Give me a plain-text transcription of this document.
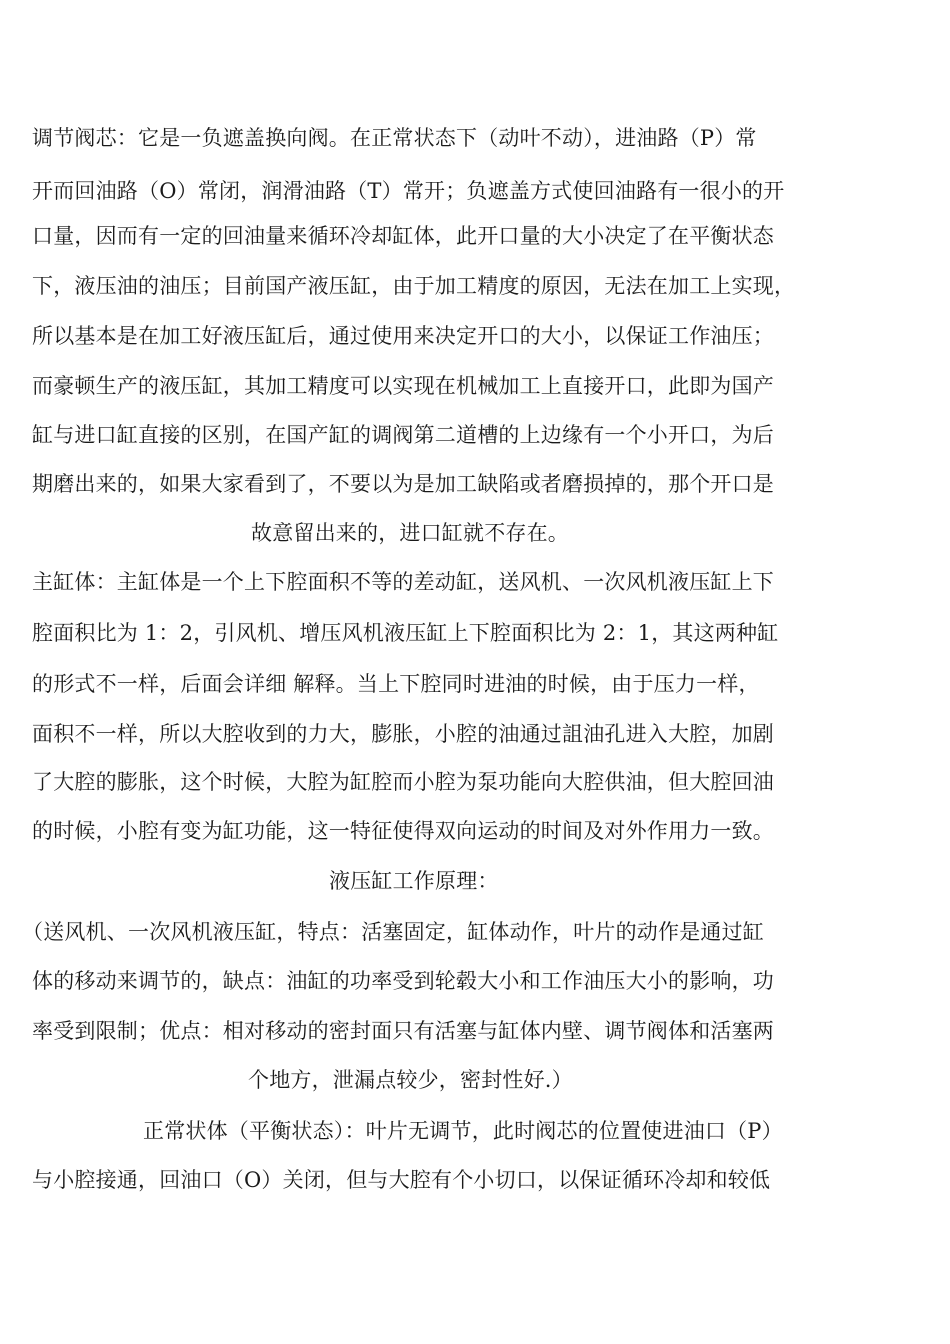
调节阀芯：它是一负遮盖换向阀。在正常状态下（动叶不动），进油路（P）常
开而回油路（O）常闭，润滑油路（T）常开；负遮盖方式使回油路有一很小的开
口量，因而有一定的回油量来循环冷却缸体，此开口量的大小决定了在平衡状态
下，液压油的油压；目前国产液压缸，由于加工精度的原因，无法在加工上实现，
所以基本是在加工好液压缸后，通过使用来决定开口的大小，以保证工作油压；
而豪顿生产的液压缸，其加工精度可以实现在机械加工上直接开口，此即为国产
缸与进口缸直接的区别，在国产缸的调阀第二道槽的上边缘有一个小开口，为后
期磨出来的，如果大家看到了，不要以为是加工缺陷或者磨损掉的，那个开口是
故意留出来的，进口缸就不存在。
主缸体：主缸体是一个上下腔面积不等的差动缸，送风机、一次风机液压缸上下
腔面积比为 1：2，引风机、增压风机液压缸上下腔面积比为 2：1，其这两种缸
的形式不一样，后面会详细 解释。当上下腔同时进油的时候，由于压力一样，
面积不一样，所以大腔收到的力大，膨胀，小腔的油通过詛油孔进入大腔，加剧
了大腔的膨胀，这个时候，大腔为缸腔而小腔为泵功能向大腔供油，但大腔回油
的时候，小腔有变为缸功能，这一特征使得双向运动的时间及对外作用力一致。
液压缸工作原理：
（送风机、一次风机液压缸，特点：活塞固定，缸体动作，叶片的动作是通过缸
体的移动来调节的，缺点：油缸的功率受到轮毂大小和工作油压大小的影响，功
率受到限制；优点：相对移动的密封面只有活塞与缸体内壁、调节阀体和活塞两
个地方，泄漏点较少，密封性好.）
正常状体（平衡状态）：叶片无调节，此时阀芯的位置使进油口（P）
与小腔接通，回油口（O）关闭，但与大腔有个小切口，以保证循环冷却和较低
